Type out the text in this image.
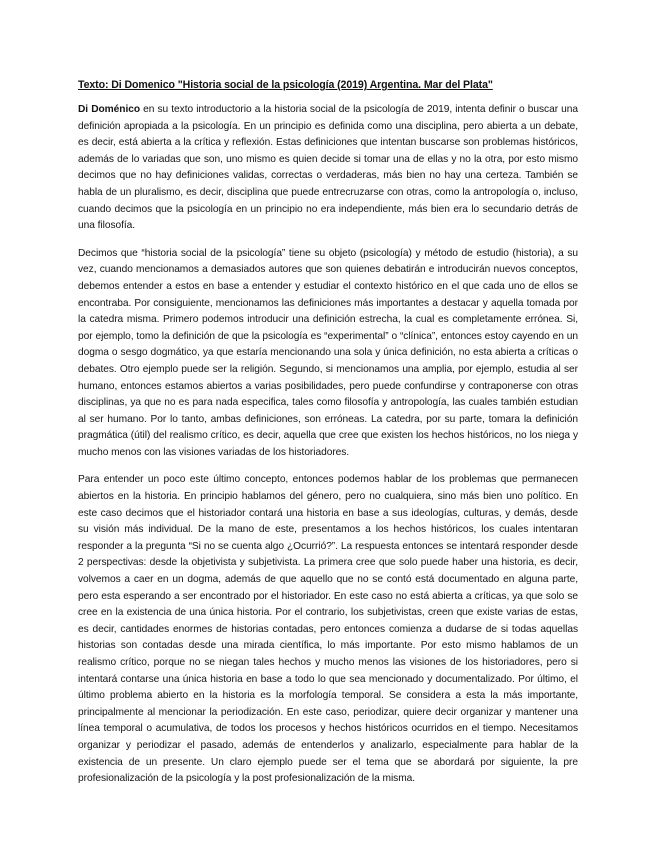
Texto: Di Domenico "Historia social de la psicología (2019) Argentina. Mar del Plata"

Di Doménico en su texto introductorio a la historia social de la psicología de 2019, intenta definir o buscar una definición apropiada a la psicología. En un principio es definida como una disciplina, pero abierta a un debate, es decir, está abierta a la crítica y reflexión. Estas definiciones que intentan buscarse son problemas históricos, además de lo variadas que son, uno mismo es quien decide si tomar una de ellas y no la otra, por esto mismo decimos que no hay definiciones validas, correctas o verdaderas, más bien no hay una certeza. También se habla de un pluralismo, es decir, disciplina que puede entrecruzarse con otras, como la antropología o, incluso, cuando decimos que la psicología en un principio no era independiente, más bien era lo secundario detrás de una filosofía.

Decimos que “historia social de la psicología” tiene su objeto (psicología) y método de estudio (historia), a su vez, cuando mencionamos a demasiados autores que son quienes debatirán e introducirán nuevos conceptos, debemos entender a estos en base a entender y estudiar el contexto histórico en el que cada uno de ellos se encontraba. Por consiguiente, mencionamos las definiciones más importantes a destacar y aquella tomada por la catedra misma. Primero podemos introducir una definición estrecha, la cual es completamente errónea. Si, por ejemplo, tomo la definición de que la psicología es “experimental” o “clínica”, entonces estoy cayendo en un dogma o sesgo dogmático, ya que estaría mencionando una sola y única definición, no esta abierta a críticas o debates. Otro ejemplo puede ser la religión. Segundo, si mencionamos una amplia, por ejemplo, estudia al ser humano, entonces estamos abiertos a varias posibilidades, pero puede confundirse y contraponerse con otras disciplinas, ya que no es para nada especifica, tales como filosofía y antropología, las cuales también estudian al ser humano. Por lo tanto, ambas definiciones, son erróneas. La catedra, por su parte, tomara la definición pragmática (útil) del realismo crítico, es decir, aquella que cree que existen los hechos históricos, no los niega y mucho menos con las visiones variadas de los historiadores.

Para entender un poco este último concepto, entonces podemos hablar de los problemas que permanecen abiertos en la historia. En principio hablamos del género, pero no cualquiera, sino más bien uno político. En este caso decimos que el historiador contará una historia en base a sus ideologías, culturas, y demás, desde su visión más individual. De la mano de este, presentamos a los hechos históricos, los cuales intentaran responder a la pregunta “Si no se cuenta algo ¿Ocurrió?”. La respuesta entonces se intentará responder desde 2 perspectivas: desde la objetivista y subjetivista. La primera cree que solo puede haber una historia, es decir, volvemos a caer en un dogma, además de que aquello que no se contó está documentado en alguna parte, pero esta esperando a ser encontrado por el historiador. En este caso no está abierta a críticas, ya que solo se cree en la existencia de una única historia. Por el contrario, los subjetivistas, creen que existe varias de estas, es decir, cantidades enormes de historias contadas, pero entonces comienza a dudarse de si todas aquellas historias son contadas desde una mirada científica, lo más importante. Por esto mismo hablamos de un realismo crítico, porque no se niegan tales hechos y mucho menos las visiones de los historiadores, pero si intentará contarse una única historia en base a todo lo que sea mencionado y documentalizado. Por último, el último problema abierto en la historia es la morfología temporal. Se considera a esta la más importante, principalmente al mencionar la periodización. En este caso, periodizar, quiere decir organizar y mantener una línea temporal o acumulativa, de todos los procesos y hechos históricos ocurridos en el tiempo. Necesitamos organizar y periodizar el pasado, además de entenderlos y analizarlo, especialmente para hablar de la existencia de un presente. Un claro ejemplo puede ser el tema que se abordará por siguiente, la pre profesionalización de la psicología y la post profesionalización de la misma.
